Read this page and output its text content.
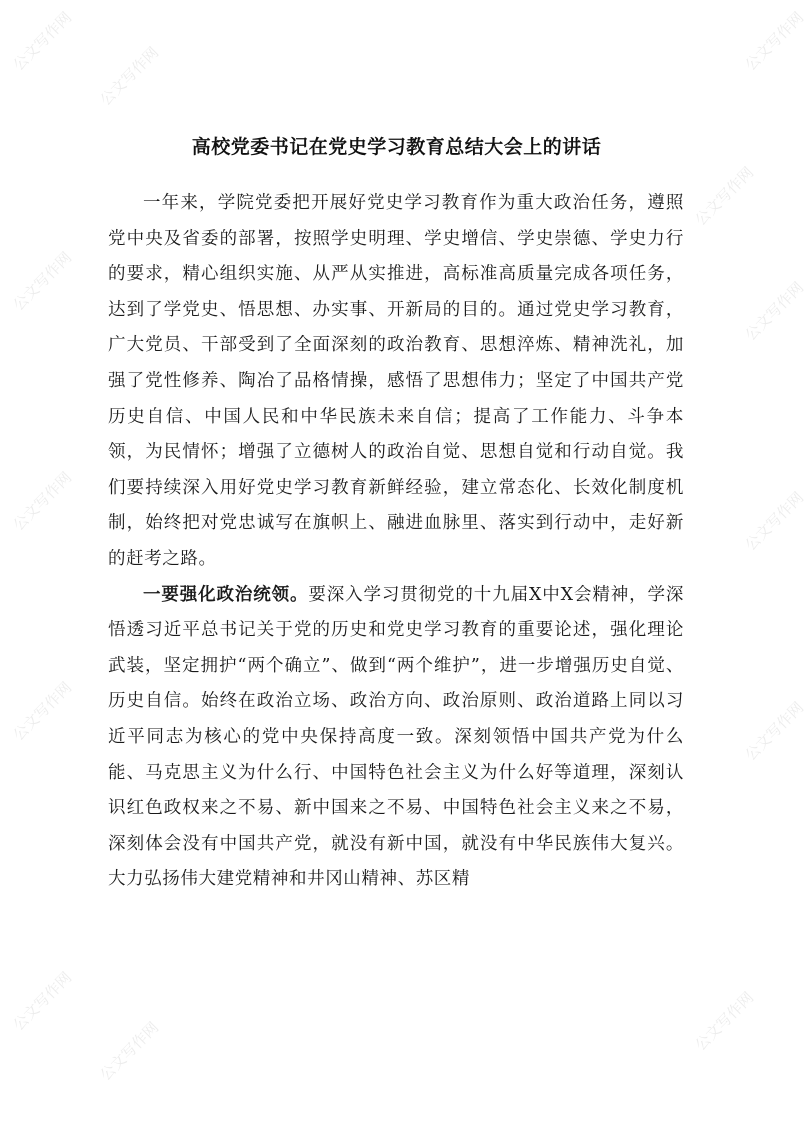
公文写作网
公文写作网
公文写作网
公文写作网
公文写作网	公文写作网
公文写作网	公文写作网
公文写作网	公文写作网
公文写作网
公文写作网	公文写作网
高校党委书记在党史学习教育总结大会上的讲话

一年来，学院党委把开展好党史学习教育作为重大政治任务，遵照党中央及省委的部署，按照学史明理、学史增信、学史崇德、学史力行的要求，精心组织实施、从严从实推进，高标准高质量完成各项任务，达到了学党史、悟思想、办实事、开新局的目的。通过党史学习教育，广大党员、干部受到了全面深刻的政治教育、思想淬炼、精神洗礼，加强了党性修养、陶冶了品格情操，感悟了思想伟力；坚定了中国共产党历史自信、中国人民和中华民族未来自信；提高了工作能力、斗争本领，为民情怀；增强了立德树人的政治自觉、思想自觉和行动自觉。我们要持续深入用好党史学习教育新鲜经验，建立常态化、长效化制度机制，始终把对党忠诚写在旗帜上、融进血脉里、落实到行动中，走好新的赶考之路。

一要强化政治统领。要深入学习贯彻党的十九届X中X会精神，学深悟透习近平总书记关于党的历史和党史学习教育的重要论述，强化理论武装，坚定拥护“两个确立”、做到“两个维护”，进一步增强历史自觉、历史自信。始终在政治立场、政治方向、政治原则、政治道路上同以习近平同志为核心的党中央保持高度一致。深刻领悟中国共产党为什么能、马克思主义为什么行、中国特色社会主义为什么好等道理，深刻认识红色政权来之不易、新中国来之不易、中国特色社会主义来之不易，深刻体会没有中国共产党，就没有新中国，就没有中华民族伟大复兴。大力弘扬伟大建党精神和井冈山精神、苏区精
